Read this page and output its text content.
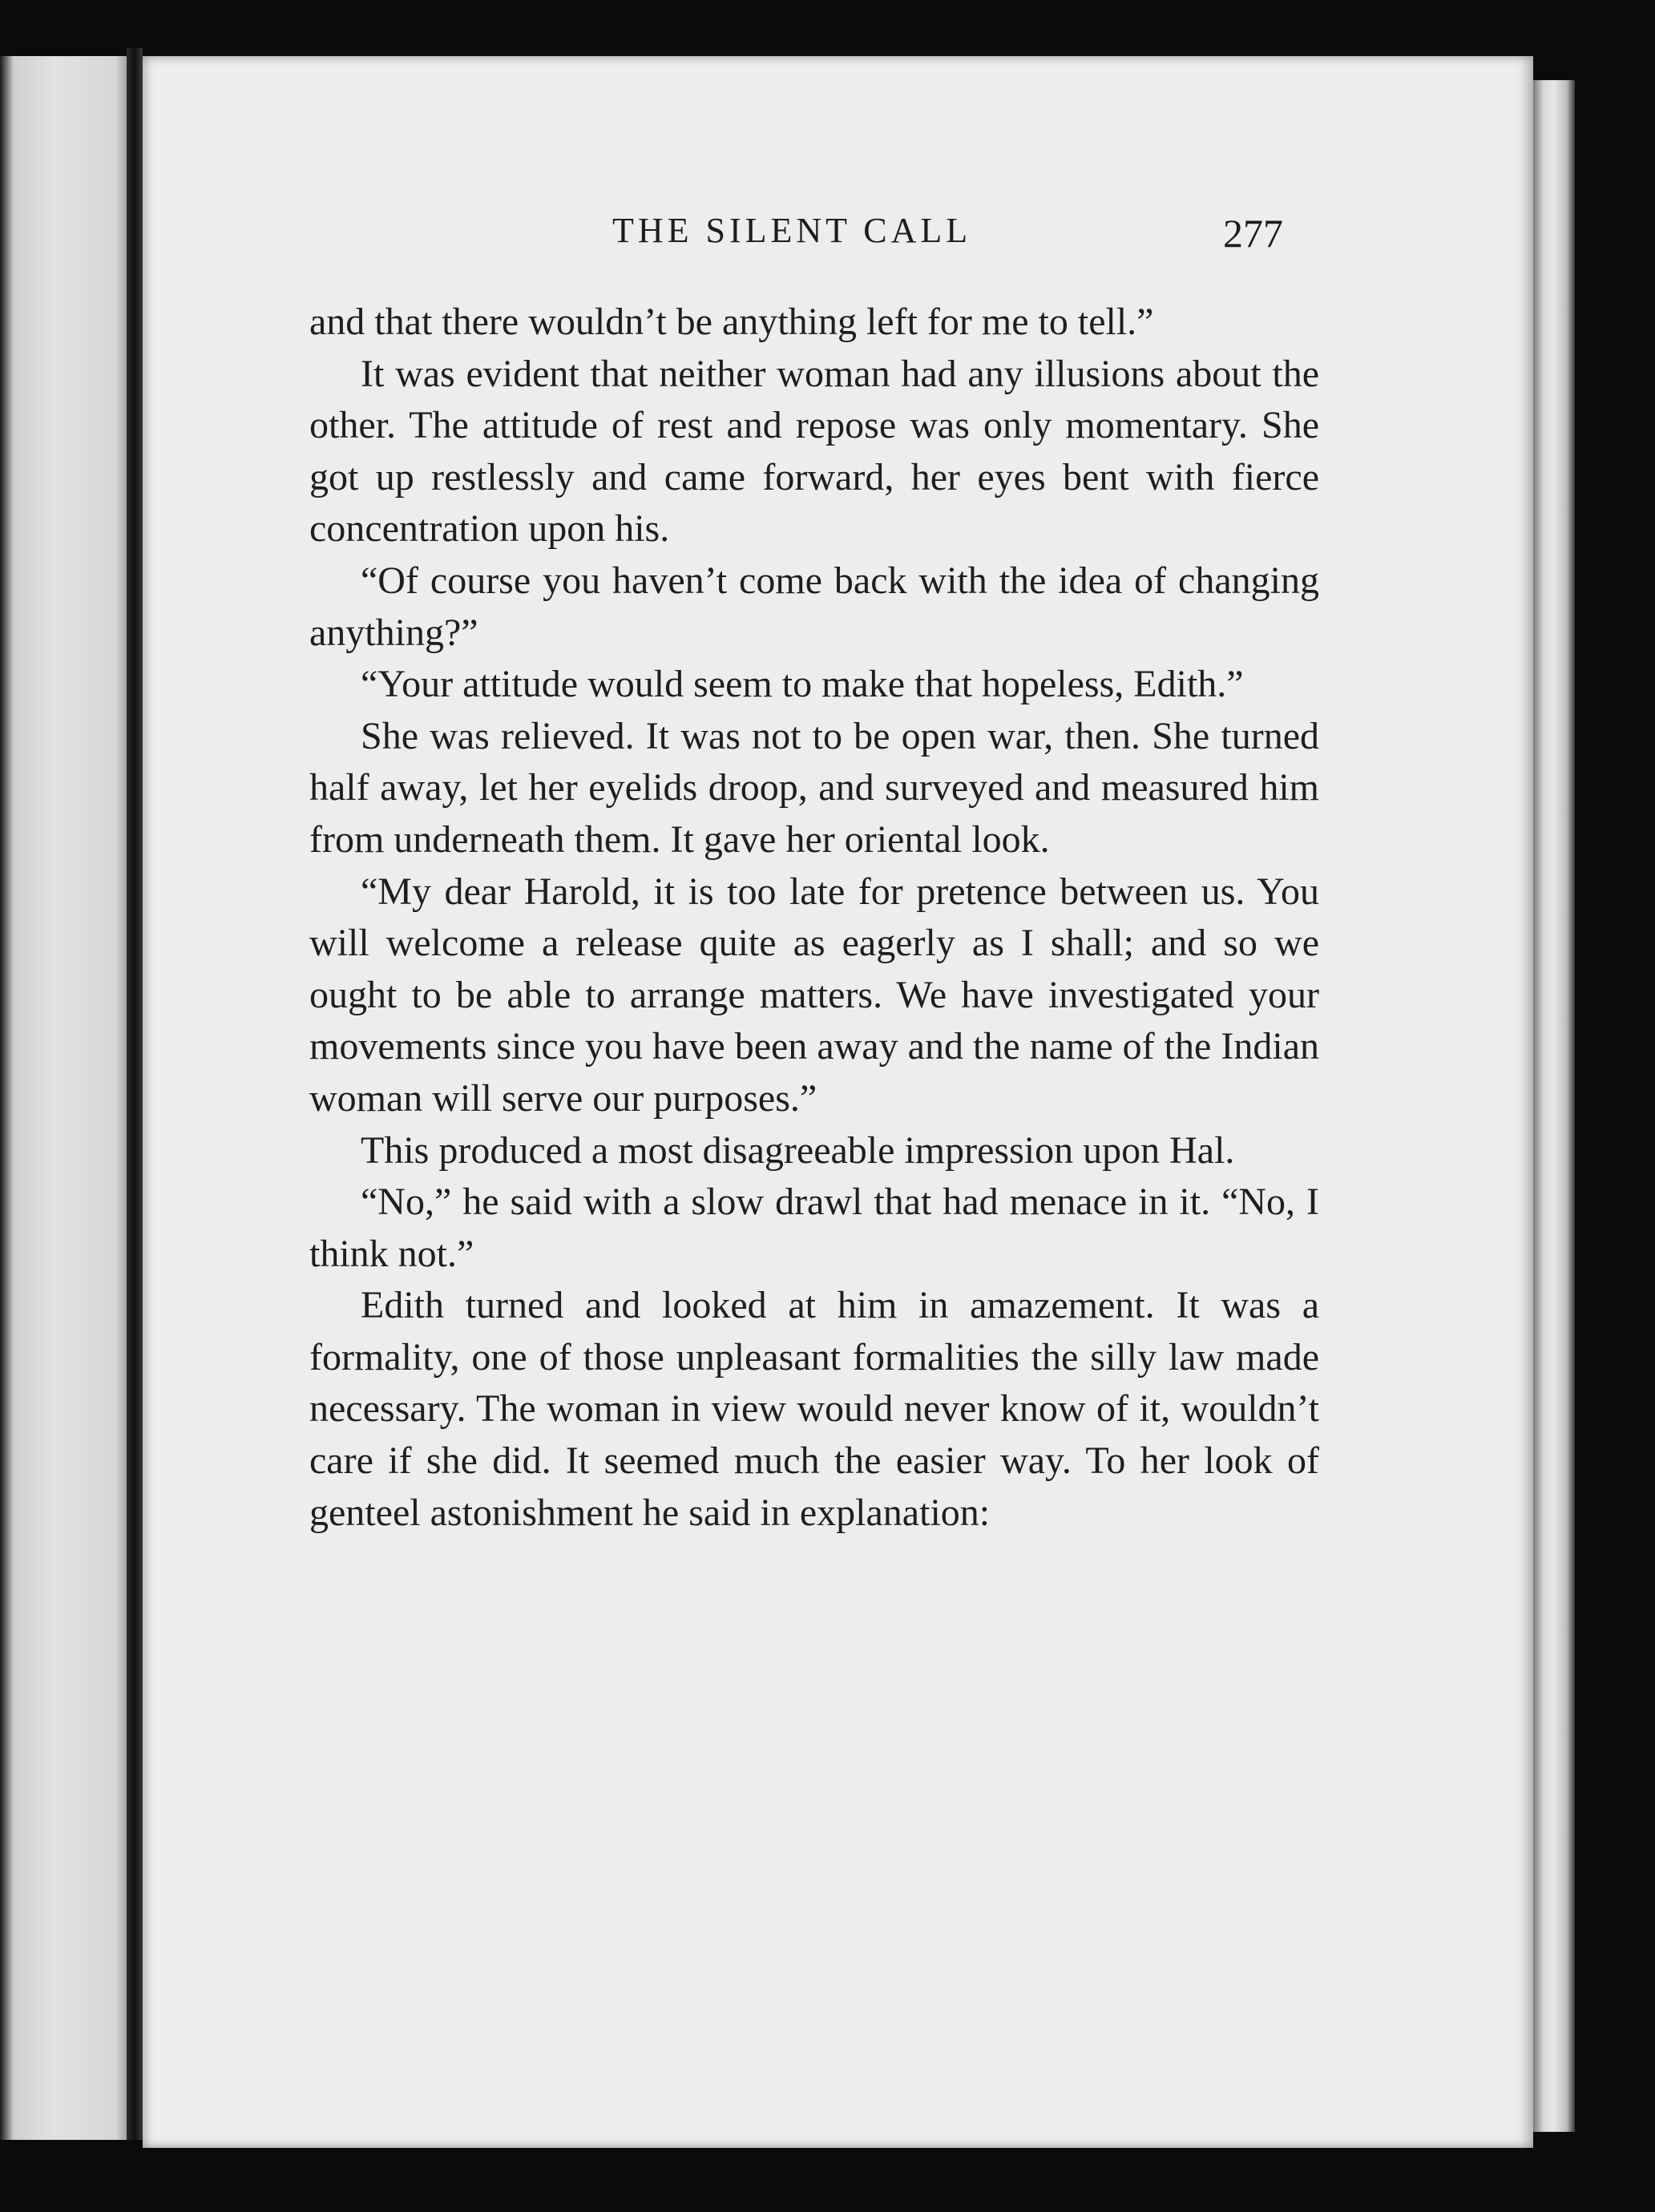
THE SILENT CALL	277

and that there wouldn’t be anything left for me to tell.”

It was evident that neither woman had any illusions about the other. The attitude of rest and repose was only momentary. She got up restlessly and came forward, her eyes bent with fierce concentration upon his.

“Of course you haven’t come back with the idea of changing anything?”

“Your attitude would seem to make that hopeless, Edith.”

She was relieved. It was not to be open war, then. She turned half away, let her eyelids droop, and surveyed and measured him from underneath them. It gave her oriental look.

“My dear Harold, it is too late for pretence between us. You will welcome a release quite as eagerly as I shall; and so we ought to be able to arrange matters. We have investigated your movements since you have been away and the name of the Indian woman will serve our purposes.”

This produced a most disagreeable impression upon Hal.

“No,” he said with a slow drawl that had menace in it. “No, I think not.”

Edith turned and looked at him in amazement. It was a formality, one of those unpleasant formalities the silly law made necessary. The woman in view would never know of it, wouldn’t care if she did. It seemed much the easier way. To her look of genteel astonishment he said in explanation:
